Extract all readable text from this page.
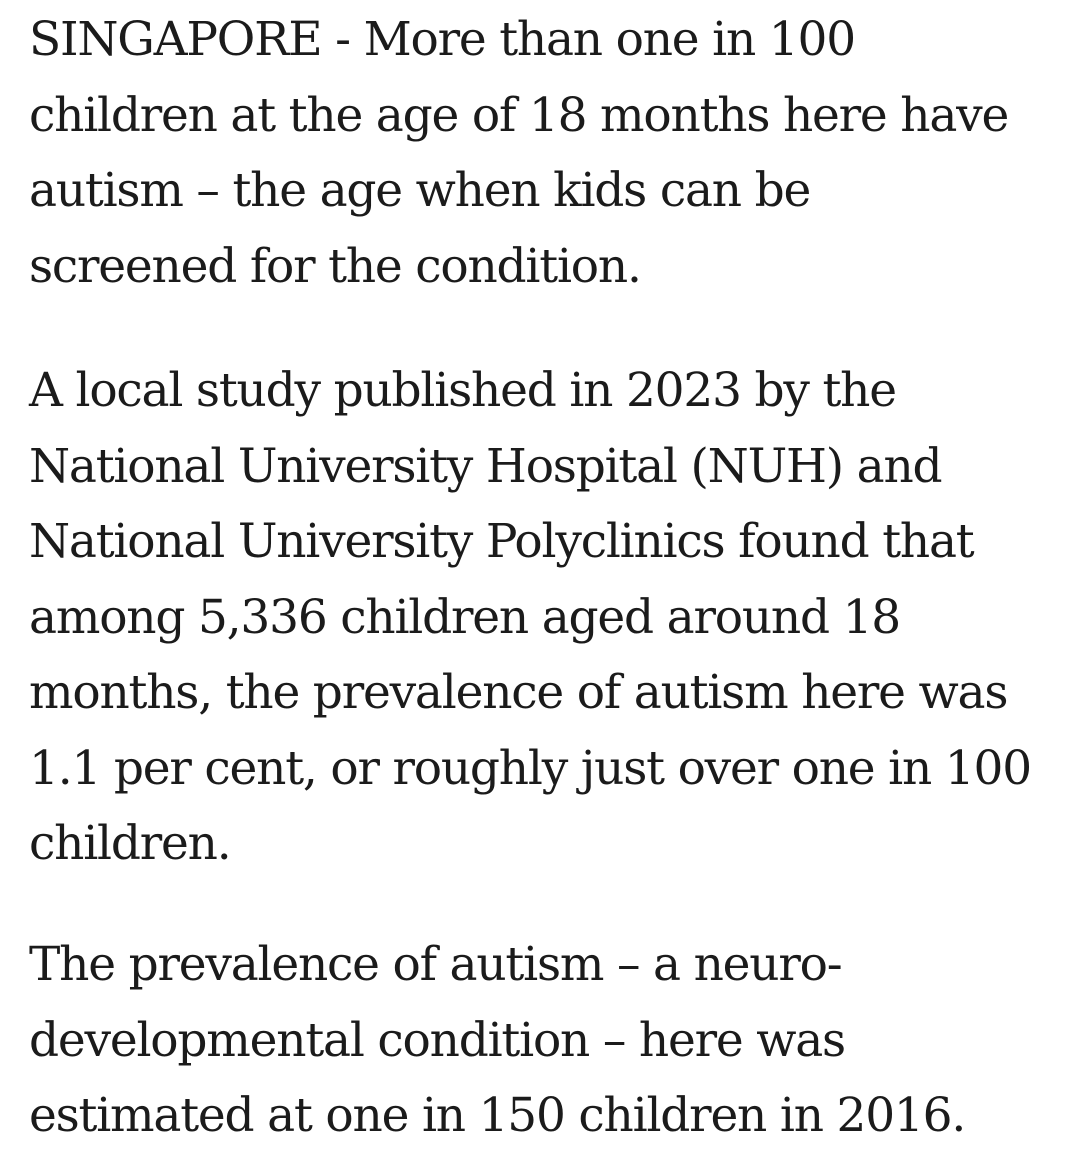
SINGAPORE - More than one in 100
children at the age of 18 months here have
autism – the age when kids can be
screened for the condition.

A local study published in 2023 by the
National University Hospital (NUH) and
National University Polyclinics found that
among 5,336 children aged around 18
months, the prevalence of autism here was
1.1 per cent, or roughly just over one in 100
children.

The prevalence of autism – a neuro-
developmental condition – here was
estimated at one in 150 children in 2016.
